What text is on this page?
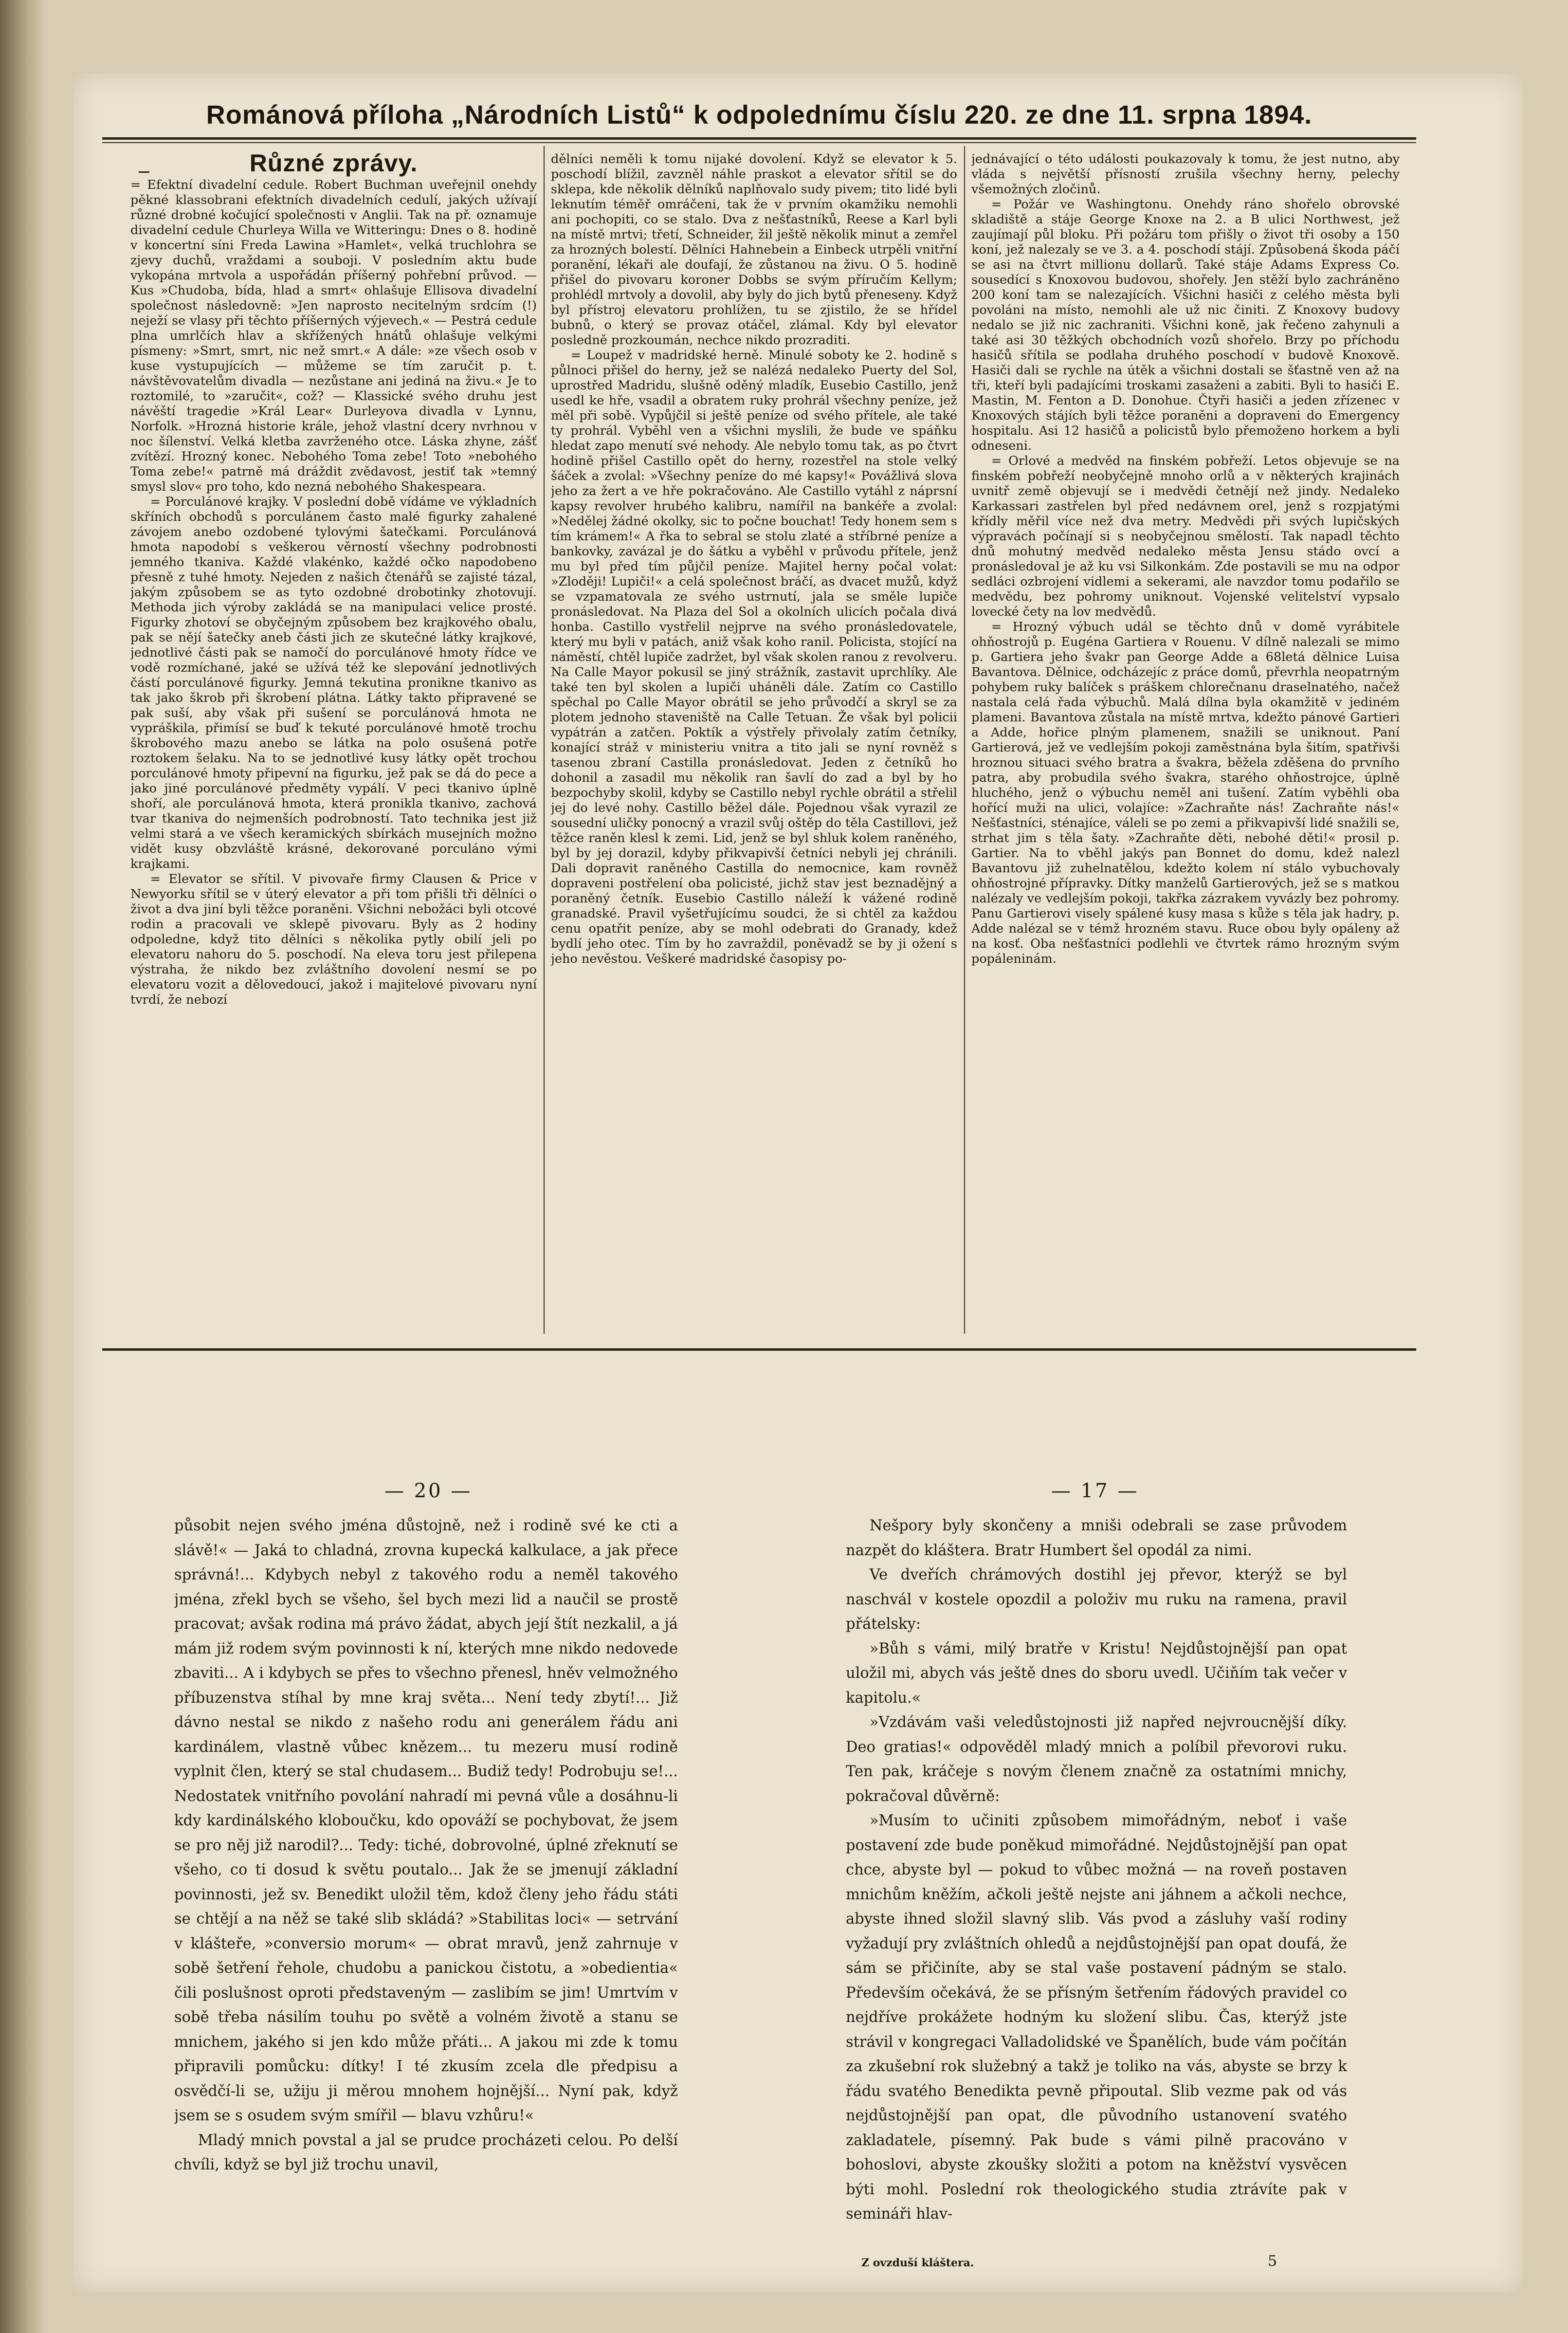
Románová příloha „Národních Listů“ k odpolednímu číslu 220. ze dne 11. srpna 1894.
Různé zprávy.

= Efektní divadelní cedule. Robert Buchman uveřejnil onehdy pěkné klassobrani efektních divadelních cedulí, jakých užívají různé drobné kočující společnosti v Anglii. Tak na př. oznamuje divadelní cedule Churleya Willa ve Witteringu: Dnes o 8. hodině v koncertní síni Freda Lawina »Hamlet«, velká truchlohra se zjevy duchů, vraždami a souboji. V posledním aktu bude vykopána mrtvola a uspořádán příšerný pohřební průvod. — Kus »Chudoba, bída, hlad a smrt« ohlašuje Ellisova divadelní společnost následovně: »Jen naprosto necitelným srdcím (!) neježí se vlasy při těchto příšerných výjevech.« — Pestrá cedule plna umrlčích hlav a skřížených hnátů ohlašuje velkými písmeny: »Smrt, smrt, nic než smrt.« A dále: »ze všech osob v kuse vystupujících — můžeme se tím zaručit p. t. návštěvovatelům divadla — nezůstane ani jediná na živu.« Je to roztomilé, to »zaručit«, což? — Klassické svého druhu jest návěští tragedie »Král Lear« Durleyova divadla v Lynnu, Norfolk. »Hrozná historie krále, jehož vlastní dcery nvrhnou v noc šílenství. Velká kletba zavrženého otce. Láska zhyne, zášť zvítězí. Hrozný konec. Nebohého Toma zebe! Toto »nebohého Toma zebe!« patrně má dráždit zvědavost, jestiť tak »temný smysl slov« pro toho, kdo nezná nebohého Shakespeara.

= Porculánové krajky. V poslední době vídáme ve výkladních skříních obchodů s porculánem často malé figurky zahalené závojem anebo ozdobené tylovými šatečkami. Porculánová hmota napodobí s veškerou věrností všechny podrobnosti jemného tkaniva. Každé vlakénko, každé očko napodobeno přesně z tuhé hmoty. Nejeden z našich čtenářů se zajisté tázal, jakým způsobem se as tyto ozdobné drobotinky zhotovují. Methoda jich výroby zakládá se na manipulaci velice prosté. Figurky zhotoví se obyčejným způsobem bez krajkového obalu, pak se nějí šatečky aneb části jich ze skutečné látky krajkové, jednotlivé části pak se namočí do porculánové hmoty řídce ve vodě rozmíchané, jaké se užívá též ke slepování jednotlivých částí porculánové figurky. Jemná tekutina pronikne tkanivo as tak jako škrob při škrobení plátna. Látky takto připravené se pak suší, aby však při sušení se porculánová hmota ne vypráškila, přimísí se buď k tekuté porculánové hmotě trochu škrobového mazu anebo se látka na polo osušená potře roztokem šelaku. Na to se jednotlivé kusy látky opět trochou porculánové hmoty připevní na figurku, jež pak se dá do pece a jako jiné porculánové předměty vypálí. V peci tkanivo úplně shoří, ale porculánová hmota, která pronikla tkanivo, zachová tvar tkaniva do nejmenších podrobností. Tato technika jest již velmi stará a ve všech keramických sbírkách musejních možno vidět kusy obzvláště krásné, dekorované porculáno vými krajkami.

= Elevator se sřítil. V pivovaře firmy Clausen & Price v Newyorku sřítil se v úterý elevator a při tom přišli tři dělníci o život a dva jiní byli těžce poraněni. Všichni nebožáci byli otcové rodin a pracovali ve sklepě pivovaru. Byly as 2 hodiny odpoledne, když tito dělníci s několika pytly obilí jeli po elevatoru nahoru do 5. poschodí. Na eleva toru jest přilepena výstraha, že nikdo bez zvláštního dovolení nesmí se po elevatoru vozit a dělovedoucí, jakož i majitelové pivovaru nyní tvrdí, že nebozí

dělníci neměli k tomu nijaké dovolení. Když se elevator k 5. poschodí blížil, zavzněl náhle praskot a elevator sřítil se do sklepa, kde několik dělníků naplňovalo sudy pivem; tito lidé byli leknutím téměř omráčeni, tak že v prvním okamžiku nemohli ani pochopiti, co se stalo. Dva z nešťastníků, Reese a Karl byli na místě mrtvi; třetí, Schneider, žil ještě několik minut a zemřel za hrozných bolestí. Dělníci Hahnebein a Einbeck utrpěli vnitřní poranění, lékaři ale doufají, že zůstanou na živu. O 5. hodině přišel do pivovaru koroner Dobbs se svým příručím Kellym; prohlédl mrtvoly a dovolil, aby byly do jich bytů přeneseny. Když byl přístroj elevatoru prohlížen, tu se zjistilo, že se hřídel bubnů, o který se provaz otáčel, zlámal. Kdy byl elevator posledně prozkoumán, nechce nikdo prozraditi.

= Loupež v madridské herně. Minulé soboty ke 2. hodině s půlnoci přišel do herny, jež se nalézá nedaleko Puerty del Sol, uprostřed Madridu, slušně oděný mladík, Eusebio Castillo, jenž usedl ke hře, vsadil a obratem ruky prohrál všechny peníze, jež měl při sobě. Vypůjčil si ještě peníze od svého přítele, ale také ty prohrál. Vyběhl ven a všichni myslili, že bude ve spáňku hledat zapo menutí své nehody. Ale nebylo tomu tak, as po čtvrt hodině přišel Castillo opět do herny, rozestřel na stole velký šáček a zvolal: »Všechny peníze do mé kapsy!« Povážlivá slova jeho za žert a ve hře pokračováno. Ale Castillo vytáhl z náprsní kapsy revolver hrubého kalibru, namířil na bankéře a zvolal: »Nedělej žádné okolky, sic to počne bouchat! Tedy honem sem s tím krámem!« A řka to sebral se stolu zlaté a stříbrné peníze a bankovky, zavázal je do šátku a vyběhl v průvodu přítele, jenž mu byl před tím půjčil peníze. Majitel herny počal volat: »Zloději! Lupiči!« a celá společnost bráčí, as dvacet mužů, když se vzpamatovala ze svého ustrnutí, jala se směle lupiče pronásledovat. Na Plaza del Sol a okolních ulicích počala divá honba. Castillo vystřelil nejprve na svého pronásledovatele, který mu byli v patách, aniž však koho ranil. Policista, stojící na náměstí, chtěl lupiče zadržet, byl však skolen ranou z revolveru. Na Calle Mayor pokusil se jiný strážník, zastavit uprchlíky. Ale také ten byl skolen a lupiči uháněli dále. Zatím co Castillo spěchal po Calle Mayor obrátil se jeho průvodčí a skryl se za plotem jednoho staveniště na Calle Tetuan. Že však byl policii vypátrán a zatčen. Poktík a výstřely přivolaly zatím četníky, konající stráž v ministeriu vnitra a tito jali se nyní rovněž s tasenou zbraní Castilla pronásledovat. Jeden z četníků ho dohonil a zasadil mu několik ran šavlí do zad a byl by ho bezpochyby skolil, kdyby se Castillo nebyl rychle obrátil a střelil jej do levé nohy. Castillo běžel dále. Pojednou však vyrazil ze sousední uličky ponocný a vrazil svůj oštěp do těla Castillovi, jež těžce raněn klesl k zemi. Lid, jenž se byl shluk kolem raněného, byl by jej dorazil, kdyby přikvapivší četníci nebyli jej chránili. Dali dopravit raněného Castilla do nemocnice, kam rovněž dopraveni postřelení oba policisté, jichž stav jest beznadějný a poraněný četník. Eusebio Castillo náleží k vážené rodině granadské. Pravil vyšetřujícímu soudci, že si chtěl za každou cenu opatřit peníze, aby se mohl odebrati do Granady, kdež bydlí jeho otec. Tím by ho zavraždil, poněvadž se by ji ožení s jeho nevěstou. Veškeré madridské časopisy po-

jednávající o této události poukazovaly k tomu, že jest nutno, aby vláda s největší přísností zrušila všechny herny, pelechy všemožných zločinů.

= Požár ve Washingtonu. Onehdy ráno shořelo obrovské skladiště a stáje George Knoxe na 2. a B ulici Northwest, jež zaujímají půl bloku. Při požáru tom přišly o život tři osoby a 150 koní, jež nalezaly se ve 3. a 4. poschodí stájí. Způsobená škoda páčí se asi na čtvrt millionu dollarů. Také stáje Adams Express Co. sousedící s Knoxovou budovou, shořely. Jen stěží bylo zachráněno 200 koní tam se nalezajících. Všichni hasiči z celého města byli povoláni na místo, nemohli ale už nic činiti. Z Knoxovy budovy nedalo se již nic zachraniti. Všichni koně, jak řečeno zahynuli a také asi 30 těžkých obchodních vozů shořelo. Brzy po příchodu hasičů sřítila se podlaha druhého poschodí v budově Knoxově. Hasiči dali se rychle na útěk a všichni dostali se šťastně ven až na tři, kteří byli padajícími troskami zasaženi a zabiti. Byli to hasiči E. Mastin, M. Fenton a D. Donohue. Čtyři hasiči a jeden zřízenec v Knoxových stájích byli těžce poraněni a dopraveni do Emergency hospitalu. Asi 12 hasičů a policistů bylo přemoženo horkem a byli odneseni.

= Orlové a medvěd na finském pobřeží. Letos objevuje se na finském pobřeží neobyčejně mnoho orlů a v některých krajinách uvnitř země objevují se i medvědi četnějí než jindy. Nedaleko Karkassari zastřelen byl před nedávnem orel, jenž s rozpjatými křídly měřil více než dva metry. Medvědi při svých lupičských výpravách počínají si s neobyčejnou smělostí. Tak napadl těchto dnů mohutný medvěd nedaleko města Jensu stádo ovcí a pronásledoval je až ku vsi Silkonkám. Zde postavili se mu na odpor sedláci ozbrojení vidlemi a sekerami, ale navzdor tomu podařilo se medvědu, bez pohromy uniknout. Vojenské velitelství vypsalo lovecké čety na lov medvědů.

= Hrozný výbuch udál se těchto dnů v domě vyrábitele ohňostrojů p. Eugéna Gartiera v Rouenu. V dílně nalezali se mimo p. Gartiera jeho švakr pan George Adde a 68letá dělnice Luisa Bavantova. Dělnice, odcházejíc z práce domů, převrhla neopatrným pohybem ruky balíček s práškem chlorečnanu draselnatého, načež nastala celá řada výbuchů. Malá dílna byla okamžitě v jediném plameni. Bavantova zůstala na místě mrtva, kdežto pánové Gartieri a Adde, hořice plným plamenem, snažili se uniknout. Paní Gartierová, jež ve vedlejším pokoji zaměstnána byla šitím, spatřivši hroznou situaci svého bratra a švakra, běžela zděšena do prvního patra, aby probudila svého švakra, starého ohňostrojce, úplně hluchého, jenž o výbuchu neměl ani tušení. Zatím vyběhli oba hořící muži na ulici, volajíce: »Zachraňte nás! Zachraňte nás!« Nešťastníci, sténajíce, váleli se po zemi a přikvapivší lidé snažili se, strhat jim s těla šaty. »Zachraňte děti, nebohé děti!« prosil p. Gartier. Na to vběhl jakýs pan Bonnet do domu, kdež nalezl Bavantovu již zuhelnatělou, kdežto kolem ní stálo vybuchovaly ohňostrojné přípravky. Dítky manželů Gartierových, jež se s matkou nalézaly ve vedlejším pokoji, takřka zázrakem vyvázly bez pohromy. Panu Gartierovi visely spálené kusy masa s kůže s těla jak hadry, p. Adde nalézal se v témž hrozném stavu. Ruce obou byly opáleny až na kosť. Oba nešťastníci podlehli ve čtvrtek rámo hrozným svým popáleninám.

— 20 —

působit nejen svého jména důstojně, než i rodině své ke cti a slávě!« — Jaká to chladná, zrovna kupecká kalkulace, a jak přece správná!... Kdybych nebyl z takového rodu a neměl takového jména, zřekl bych se všeho, šel bych mezi lid a naučil se prostě pracovat; avšak rodina má právo žádat, abych její štít nezkalil, a já mám již rodem svým povinnosti k ní, kterých mne nikdo nedovede zbaviti... A i kdybych se přes to všechno přenesl, hněv velmožného příbuzenstva stíhal by mne kraj světa... Není tedy zbytí!... Již dávno nestal se nikdo z našeho rodu ani generálem řádu ani kardinálem, vlastně vůbec knězem... tu mezeru musí rodině vyplnit člen, který se stal chudasem... Budiž tedy! Podrobuju se!... Nedostatek vnitřního povolání nahradí mi pevná vůle a dosáhnu-li kdy kardinálského kloboučku, kdo opováží se pochybovat, že jsem se pro něj již narodil?... Tedy: tiché, dobrovolné, úplné zřeknutí se všeho, co ti dosud k světu poutalo... Jak že se jmenují základní povinnosti, jež sv. Benedikt uložil těm, kdož členy jeho řádu státi se chtějí a na něž se také slib skládá? »Stabilitas loci« — setrvání v klášteře, »conversio morum« — obrat mravů, jenž zahrnuje v sobě šetření řehole, chudobu a panickou čistotu, a »obedientia« čili poslušnost oproti představeným — zaslibím se jim! Umrtvím v sobě třeba násilím touhu po světě a volném životě a stanu se mnichem, jakého si jen kdo může přáti... A jakou mi zde k tomu připravili pomůcku: dítky! I té zkusím zcela dle předpisu a osvědčí-li se, užiju ji měrou mnohem hojnější... Nyní pak, když jsem se s osudem svým smířil — blavu vzhůru!«

Mladý mnich povstal a jal se prudce procházeti celou. Po delší chvíli, když se byl již trochu unavil,

— 17 —

Nešpory byly skončeny a mniši odebrali se zase průvodem nazpět do kláštera. Bratr Humbert šel opodál za nimi.

Ve dveřích chrámových dostihl jej převor, kterýž se byl naschvál v kostele opozdil a položiv mu ruku na ramena, pravil přátelsky:

»Bůh s vámi, milý bratře v Kristu! Nejdůstojnější pan opat uložil mi, abych vás ještě dnes do sboru uvedl. Učiňím tak večer v kapitolu.«

»Vzdávám vaši veledůstojnosti již napřed nejvroucnější díky. Deo gratias!« odpověděl mladý mnich a políbil převorovi ruku. Ten pak, kráčeje s novým členem značně za ostatními mnichy, pokračoval důvěrně:

»Musím to učiniti způsobem mimořádným, neboť i vaše postavení zde bude poněkud mimořádné. Nejdůstojnější pan opat chce, abyste byl — pokud to vůbec možná — na roveň postaven mnichům kněžím, ačkoli ještě nejste ani jáhnem a ačkoli nechce, abyste ihned složil slavný slib. Vás pvod a zásluhy vaší rodiny vyžadují pry zvláštních ohledů a nejdůstojnější pan opat doufá, že sám se přičiníte, aby se stal vaše postavení pádným se stalo. Především očekává, že se přísným šetřením řádových pravidel co nejdříve prokážete hodným ku složení slibu. Čas, kterýž jste strávil v kongregaci Valladolidské ve Španělích, bude vám počítán za zkušební rok služebný a takž je toliko na vás, abyste se brzy k řádu svatého Benedikta pevně připoutal. Slib vezme pak od vás nejdůstojnější pan opat, dle původního ustanovení svatého zakladatele, písemný. Pak bude s vámi pilně pracováno v bohoslovi, abyste zkoušky složiti a potom na kněžství vysvěcen býti mohl. Poslední rok theologického studia ztrávíte pak v semináři hlav-

Z ovzduší kláštera.	5
